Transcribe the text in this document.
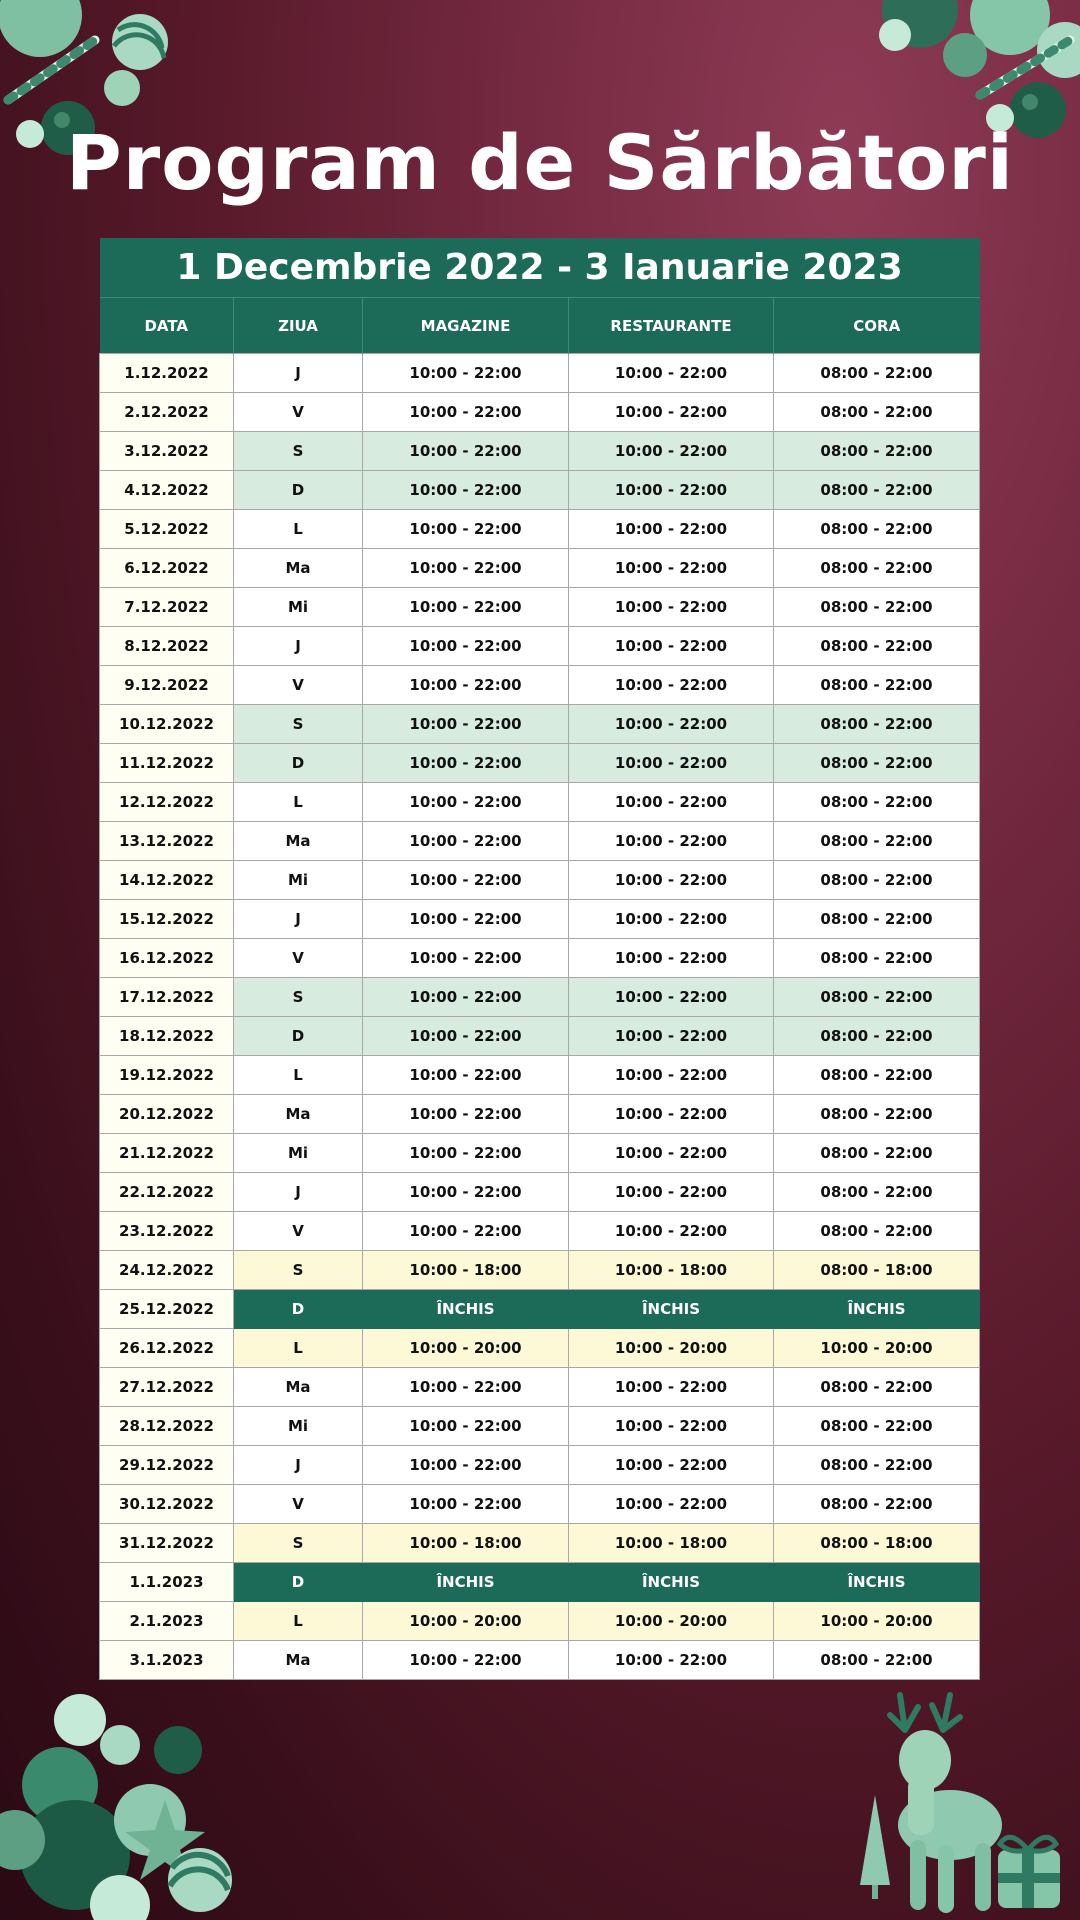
Program de Sărbători
1 Decembrie 2022 - 3 Ianuarie 2023				
DATA	ZIUA	MAGAZINE	RESTAURANTE	CORA
1.12.2022	J	10:00 - 22:00	10:00 - 22:00	08:00 - 22:00
2.12.2022	V	10:00 - 22:00	10:00 - 22:00	08:00 - 22:00
3.12.2022	S	10:00 - 22:00	10:00 - 22:00	08:00 - 22:00
4.12.2022	D	10:00 - 22:00	10:00 - 22:00	08:00 - 22:00
5.12.2022	L	10:00 - 22:00	10:00 - 22:00	08:00 - 22:00
6.12.2022	Ma	10:00 - 22:00	10:00 - 22:00	08:00 - 22:00
7.12.2022	Mi	10:00 - 22:00	10:00 - 22:00	08:00 - 22:00
8.12.2022	J	10:00 - 22:00	10:00 - 22:00	08:00 - 22:00
9.12.2022	V	10:00 - 22:00	10:00 - 22:00	08:00 - 22:00
10.12.2022	S	10:00 - 22:00	10:00 - 22:00	08:00 - 22:00
11.12.2022	D	10:00 - 22:00	10:00 - 22:00	08:00 - 22:00
12.12.2022	L	10:00 - 22:00	10:00 - 22:00	08:00 - 22:00
13.12.2022	Ma	10:00 - 22:00	10:00 - 22:00	08:00 - 22:00
14.12.2022	Mi	10:00 - 22:00	10:00 - 22:00	08:00 - 22:00
15.12.2022	J	10:00 - 22:00	10:00 - 22:00	08:00 - 22:00
16.12.2022	V	10:00 - 22:00	10:00 - 22:00	08:00 - 22:00
17.12.2022	S	10:00 - 22:00	10:00 - 22:00	08:00 - 22:00
18.12.2022	D	10:00 - 22:00	10:00 - 22:00	08:00 - 22:00
19.12.2022	L	10:00 - 22:00	10:00 - 22:00	08:00 - 22:00
20.12.2022	Ma	10:00 - 22:00	10:00 - 22:00	08:00 - 22:00
21.12.2022	Mi	10:00 - 22:00	10:00 - 22:00	08:00 - 22:00
22.12.2022	J	10:00 - 22:00	10:00 - 22:00	08:00 - 22:00
23.12.2022	V	10:00 - 22:00	10:00 - 22:00	08:00 - 22:00
24.12.2022	S	10:00 - 18:00	10:00 - 18:00	08:00 - 18:00
25.12.2022	D	ÎNCHIS	ÎNCHIS	ÎNCHIS
26.12.2022	L	10:00 - 20:00	10:00 - 20:00	10:00 - 20:00
27.12.2022	Ma	10:00 - 22:00	10:00 - 22:00	08:00 - 22:00
28.12.2022	Mi	10:00 - 22:00	10:00 - 22:00	08:00 - 22:00
29.12.2022	J	10:00 - 22:00	10:00 - 22:00	08:00 - 22:00
30.12.2022	V	10:00 - 22:00	10:00 - 22:00	08:00 - 22:00
31.12.2022	S	10:00 - 18:00	10:00 - 18:00	08:00 - 18:00
1.1.2023	D	ÎNCHIS	ÎNCHIS	ÎNCHIS
2.1.2023	L	10:00 - 20:00	10:00 - 20:00	10:00 - 20:00
3.1.2023	Ma	10:00 - 22:00	10:00 - 22:00	08:00 - 22:00
